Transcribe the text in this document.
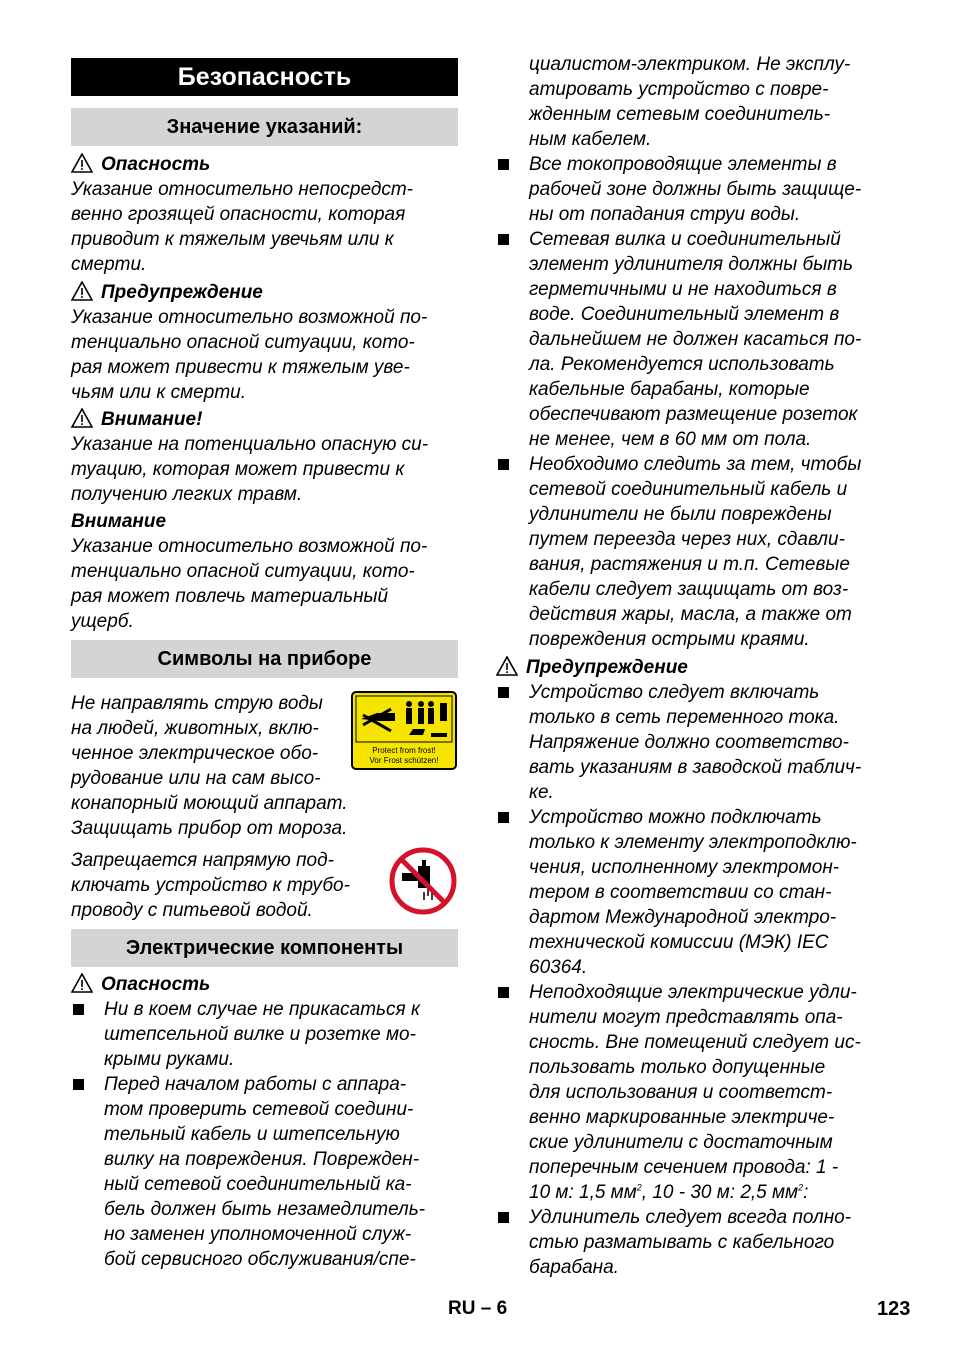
Безопасность
Значение указаний:
Символы на приборе
Электрические компоненты
Опасность
Указание относительно непосредст-
венно грозящей опасности, которая
приводит к тяжелым увечьям или к
смерти.
Предупреждение
Указание относительно возможной по-
тенциально опасной ситуации, кото-
рая может привести к тяжелым уве-
чьям или к смерти.
Внимание!
Указание на потенциально опасную си-
туацию, которая может привести к
получению легких травм.
Внимание
Указание относительно возможной по-
тенциально опасной ситуации, кото-
рая может повлечь материальный
ущерб.
Не направлять струю воды
на людей, животных, вклю-
ченное электрическое обо-
рудование или на сам высо-
конапорный моющий аппарат.
Защищать прибор от мороза.
Protect from frost!
Vor Frost schützen!
Запрещается напрямую под-
ключать устройство к трубо-
проводу с питьевой водой.
Опасность
Ни в коем случае не прикасаться к
штепсельной вилке и розетке мо-
крыми руками.
Перед началом работы с аппара-
том проверить сетевой соедини-
тельный кабель и штепсельную
вилку на повреждения. Поврежден-
ный сетевой соединительный ка-
бель должен быть незамедлитель-
но заменен уполномоченной служ-
бой сервисного обслуживания/спе-
циалистом-электриком. Не эксплу-
атировать устройство с повре-
жденным сетевым соединитель-
ным кабелем.
Все токопроводящие элементы в
рабочей зоне должны быть защище-
ны от попадания струи воды.
Сетевая вилка и соединительный
элемент удлинителя должны быть
герметичными и не находиться в
воде. Соединительный элемент в
дальнейшем не должен касаться по-
ла. Рекомендуется использовать
кабельные барабаны, которые
обеспечивают размещение розеток
не менее, чем в 60 мм от пола.
Необходимо следить за тем, чтобы
сетевой соединительный кабель и
удлинители не были повреждены
путем переезда через них, сдавли-
вания, растяжения и т.п. Сетевые
кабели следует защищать от воз-
действия жары, масла, а также от
повреждения острыми краями.
Предупреждение
Устройство следует включать
только в сеть переменного тока.
Напряжение должно соответство-
вать указаниям в заводской таблич-
ке.
Устройство можно подключать
только к элементу электроподклю-
чения, исполненному электромон-
тером в соответствии со стан-
дартом Международной электро-
технической комиссии (МЭК) IEC
60364.
Неподходящие электрические удли-
нители могут представлять опа-
сность. Вне помещений следует ис-
пользовать только допущенные
для использования и соответст-
венно маркированные электриче-
ские удлинители с достаточным
поперечным сечением провода: 1 -
10 м: 1,5 $мм^2$, 10 - 30 м: 2,5 $мм^2$:
Удлинитель следует всегда полно-
стью разматывать с кабельного
барабана.
RU – 6	123
